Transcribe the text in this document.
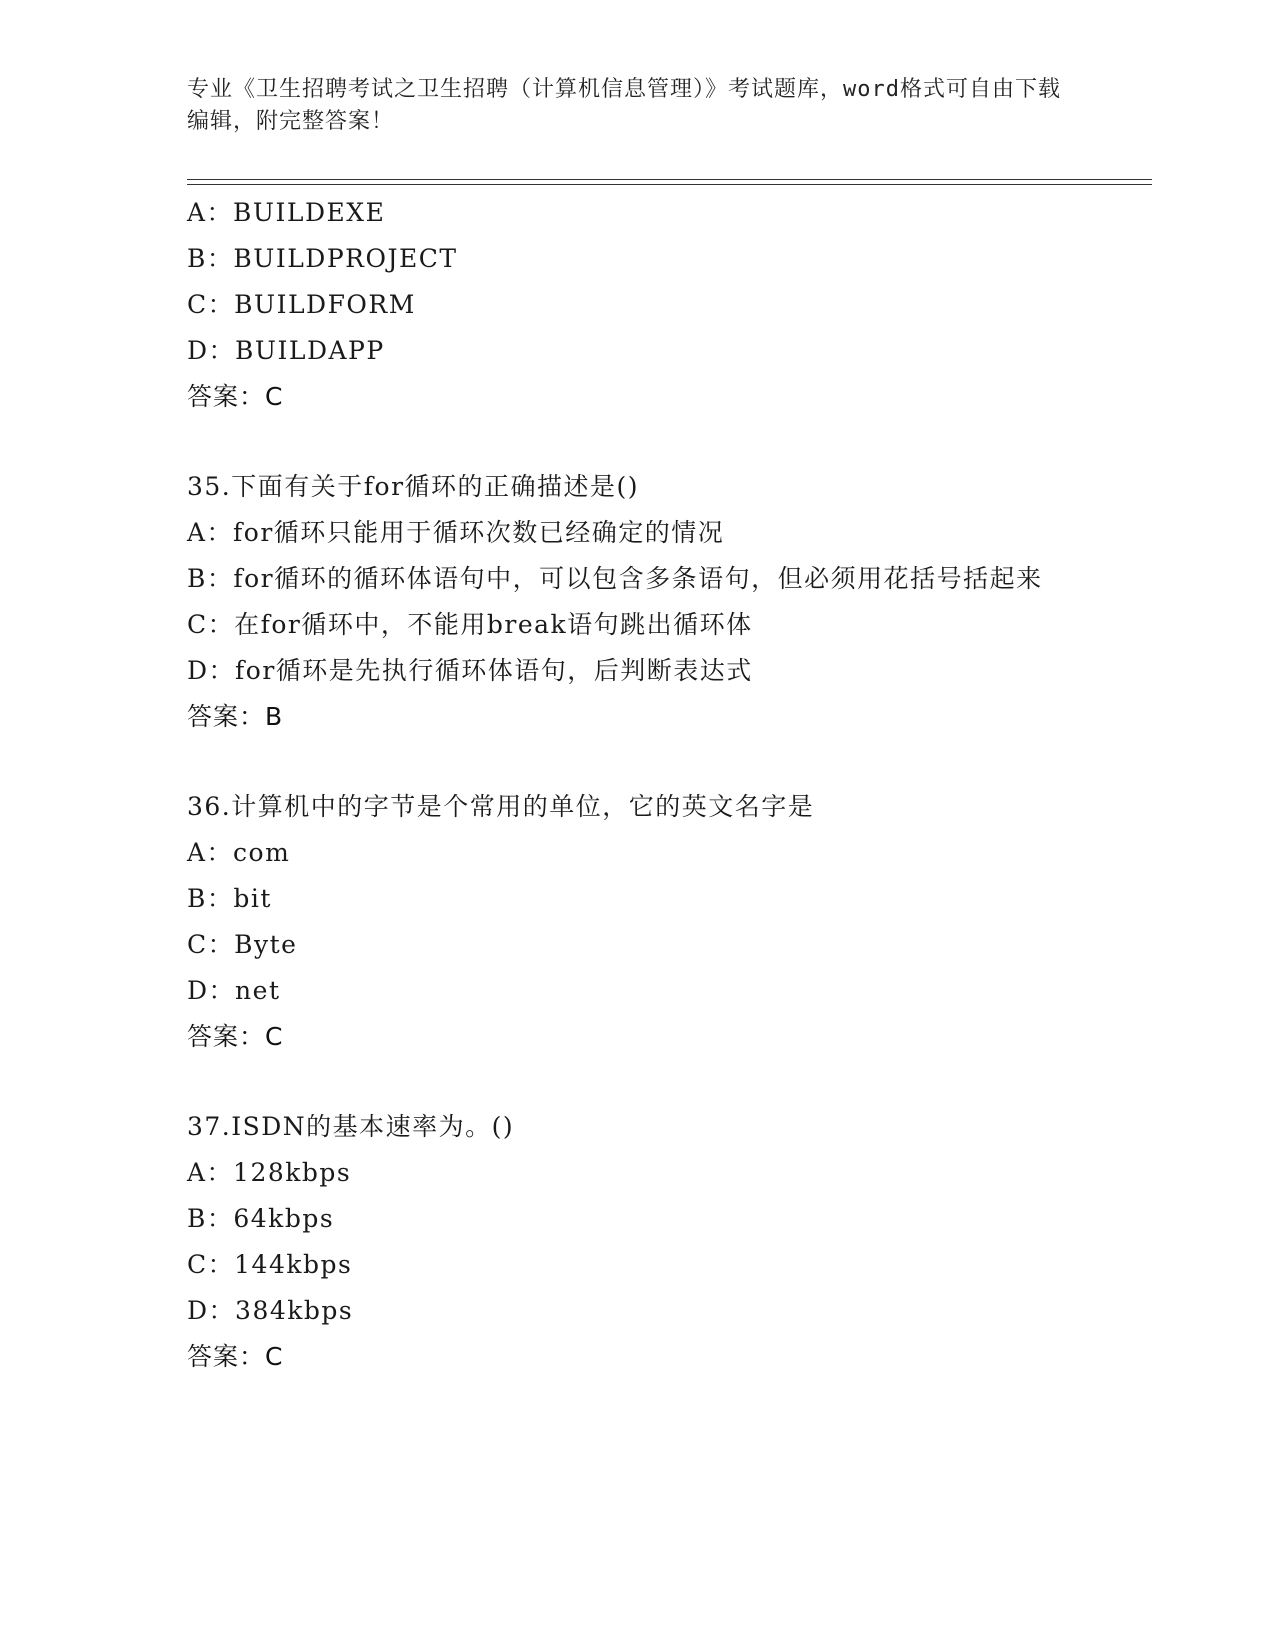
专业《卫生招聘考试之卫生招聘（计算机信息管理）》考试题库，word格式可自由下载编辑，附完整答案！
A：BUILDEXE
B：BUILDPROJECT
C：BUILDFORM
D：BUILDAPP
答案：C
35.下面有关于for循环的正确描述是()
A：for循环只能用于循环次数已经确定的情况
B：for循环的循环体语句中，可以包含多条语句，但必须用花括号括起来
C：在for循环中，不能用break语句跳出循环体
D：for循环是先执行循环体语句，后判断表达式
答案：B
36.计算机中的字节是个常用的单位，它的英文名字是
A：com
B：bit
C：Byte
D：net
答案：C
37.ISDN的基本速率为。()
A：128kbps
B：64kbps
C：144kbps
D：384kbps
答案：C
